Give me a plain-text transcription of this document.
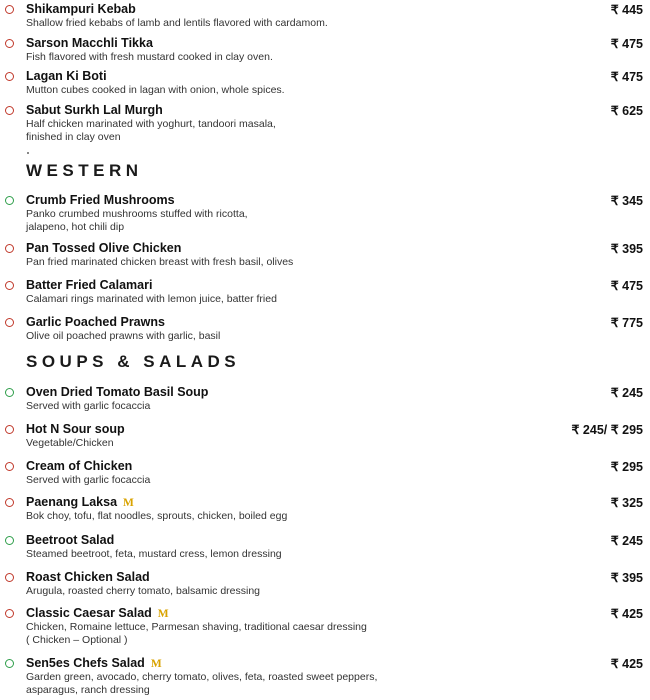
Shikampuri Kebab
Shallow fried kebabs of lamb and lentils flavored with cardamom.
₹ 445
Sarson Macchli Tikka
Fish flavored with fresh mustard cooked in clay oven.
₹ 475
Lagan Ki Boti
Mutton cubes cooked in lagan with onion, whole spices.
₹ 475
Sabut Surkh Lal Murgh
Half chicken marinated with yoghurt, tandoori masala,
finished in clay oven
₹ 625
WESTERN
Crumb Fried Mushrooms
Panko crumbed mushrooms stuffed with ricotta,
jalapeno, hot chili dip
₹ 345
Pan Tossed Olive Chicken
Pan fried marinated chicken breast with fresh basil, olives
₹ 395
Batter Fried Calamari
Calamari rings marinated with lemon juice, batter fried
₹ 475
Garlic Poached Prawns
Olive oil poached prawns with garlic, basil
₹ 775
SOUPS & SALADS
Oven Dried Tomato Basil Soup
Served with garlic focaccia
₹ 245
Hot N Sour soup
Vegetable/Chicken
₹ 245/ ₹ 295
Cream of Chicken
Served with garlic focaccia
₹ 295
Paenang Laksa M
Bok choy, tofu, flat noodles, sprouts, chicken, boiled egg
₹ 325
Beetroot Salad
Steamed beetroot, feta, mustard cress, lemon dressing
₹ 245
Roast Chicken Salad
Arugula, roasted cherry tomato, balsamic dressing
₹ 395
Classic Caesar Salad M
Chicken, Romaine lettuce, Parmesan shaving, traditional caesar dressing
( Chicken – Optional )
₹ 425
Sen5es Chefs Salad M
Garden green, avocado, cherry tomato, olives, feta, roasted sweet peppers,
asparagus, ranch dressing
₹ 425
